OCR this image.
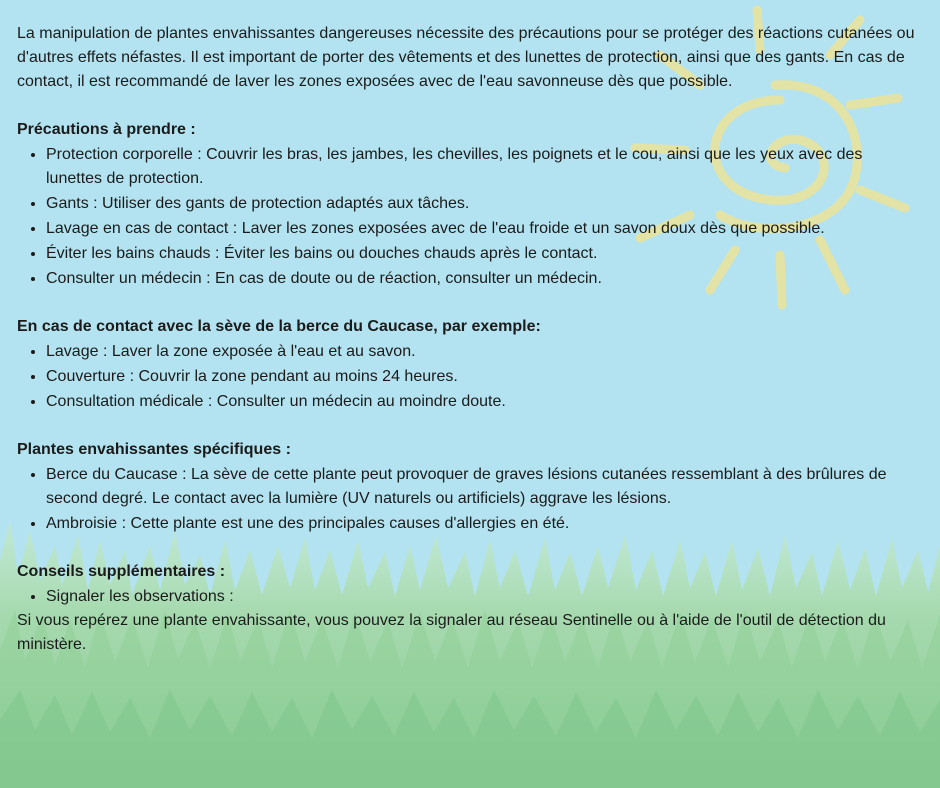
La manipulation de plantes envahissantes dangereuses nécessite des précautions pour se protéger des réactions cutanées ou d'autres effets néfastes. Il est important de porter des vêtements et des lunettes de protection, ainsi que des gants. En cas de contact, il est recommandé de laver les zones exposées avec de l'eau savonneuse dès que possible.

Précautions à prendre :

• Protection corporelle : Couvrir les bras, les jambes, les chevilles, les poignets et le cou, ainsi que les yeux avec des lunettes de protection.
• Gants : Utiliser des gants de protection adaptés aux tâches.
• Lavage en cas de contact : Laver les zones exposées avec de l'eau froide et un savon doux dès que possible.
• Éviter les bains chauds : Éviter les bains ou douches chauds après le contact.
• Consulter un médecin : En cas de doute ou de réaction, consulter un médecin.

En cas de contact avec la sève de la berce du Caucase, par exemple:

• Lavage : Laver la zone exposée à l'eau et au savon.
• Couverture : Couvrir la zone pendant au moins 24 heures.
• Consultation médicale : Consulter un médecin au moindre doute.

Plantes envahissantes spécifiques :

• Berce du Caucase : La sève de cette plante peut provoquer de graves lésions cutanées ressemblant à des brûlures de second degré. Le contact avec la lumière (UV naturels ou artificiels) aggrave les lésions.
• Ambroisie : Cette plante est une des principales causes d'allergies en été.

Conseils supplémentaires :

• Signaler les observations :

Si vous repérez une plante envahissante, vous pouvez la signaler au réseau Sentinelle ou à l'aide de l'outil de détection du ministère.
